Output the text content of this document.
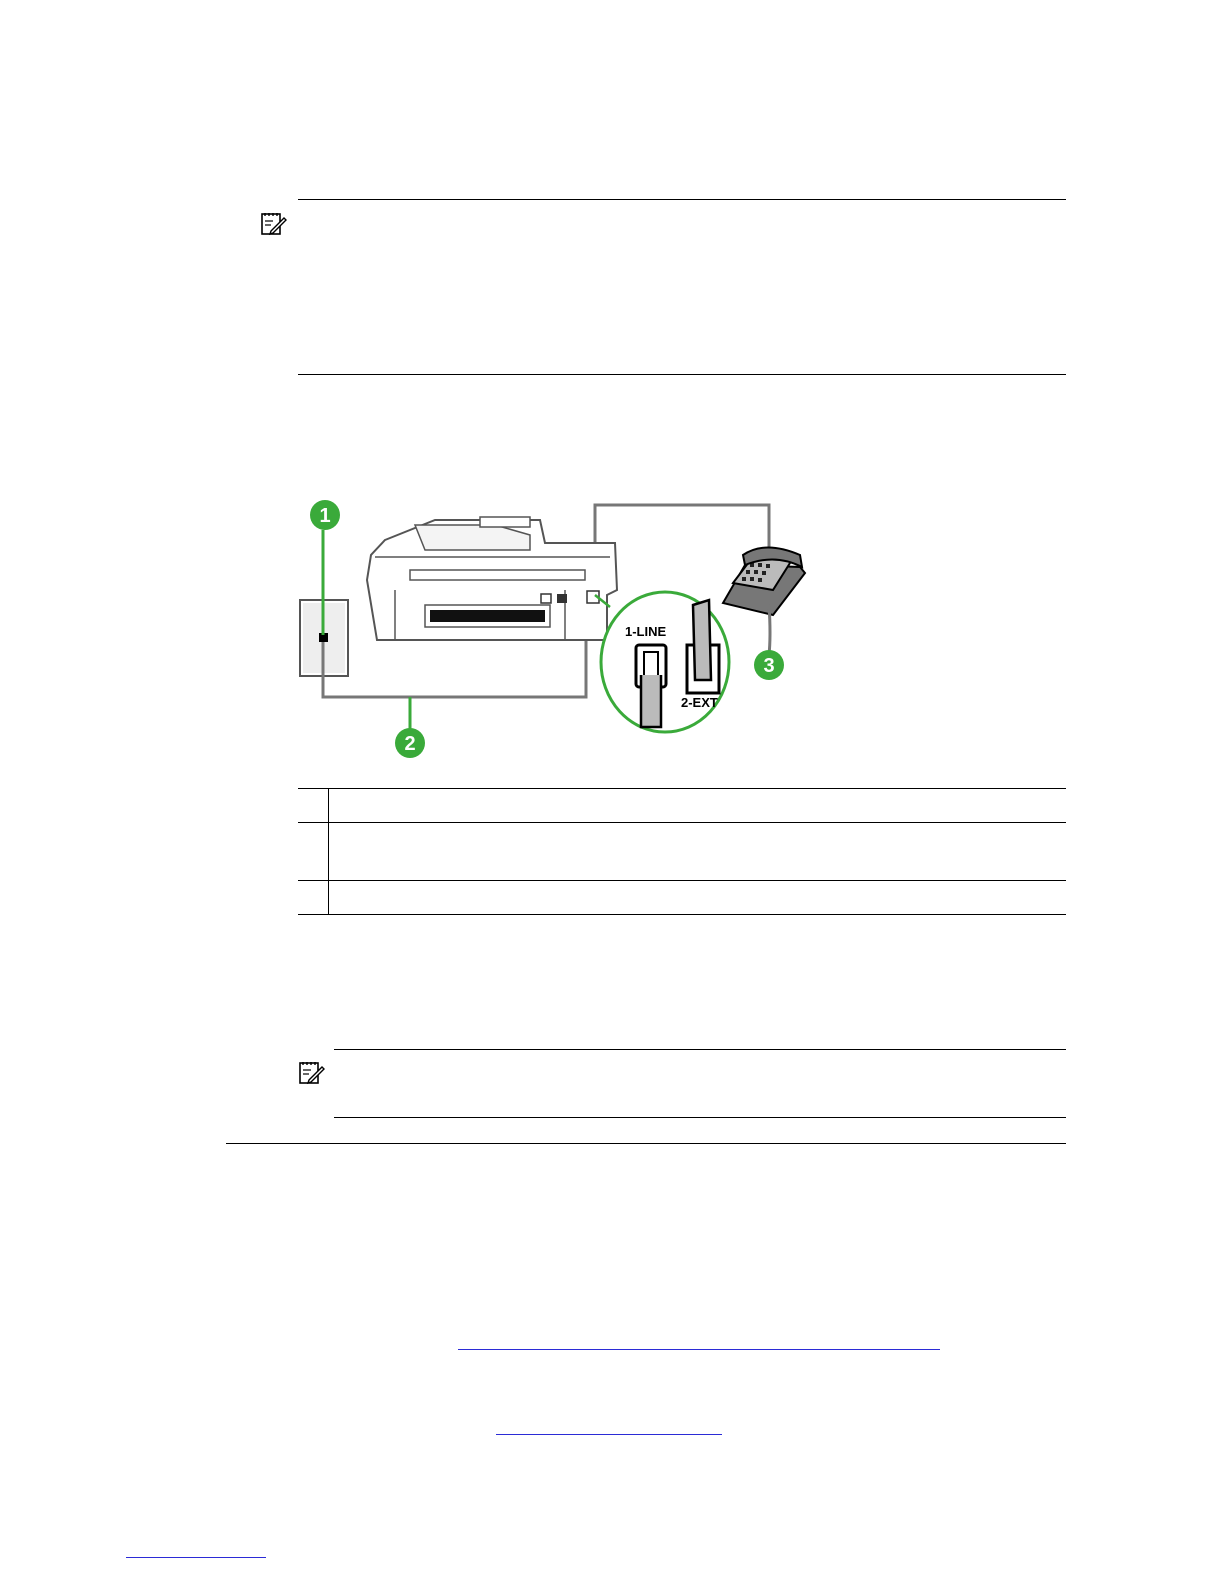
1-LINE
2-EXT
1
2
3
